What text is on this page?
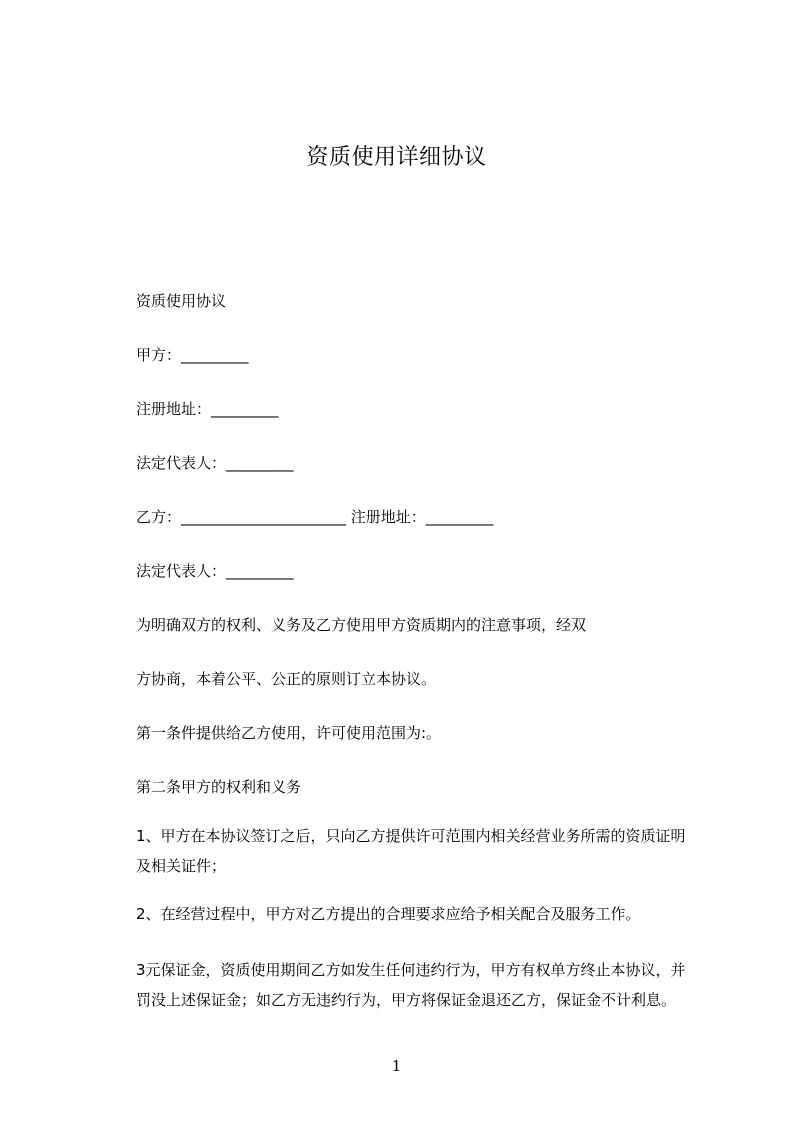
资质使用详细协议
资质使用协议
甲方：_________
注册地址：_________
法定代表人：_________
乙方：______________________ 注册地址：_________
法定代表人：_________
为明确双方的权利、义务及乙方使用甲方资质期内的注意事项，经双
方协商，本着公平、公正的原则订立本协议。
第一条件提供给乙方使用，许可使用范围为:。
第二条甲方的权利和义务
1、甲方在本协议签订之后，只向乙方提供许可范围内相关经营业务所需的资质证明及相关证件；
2、在经营过程中，甲方对乙方提出的合理要求应给予相关配合及服务工作。
3元保证金，资质使用期间乙方如发生任何违约行为，甲方有权单方终止本协议，并罚没上述保证金；如乙方无违约行为，甲方将保证金退还乙方，保证金不计利息。
1
